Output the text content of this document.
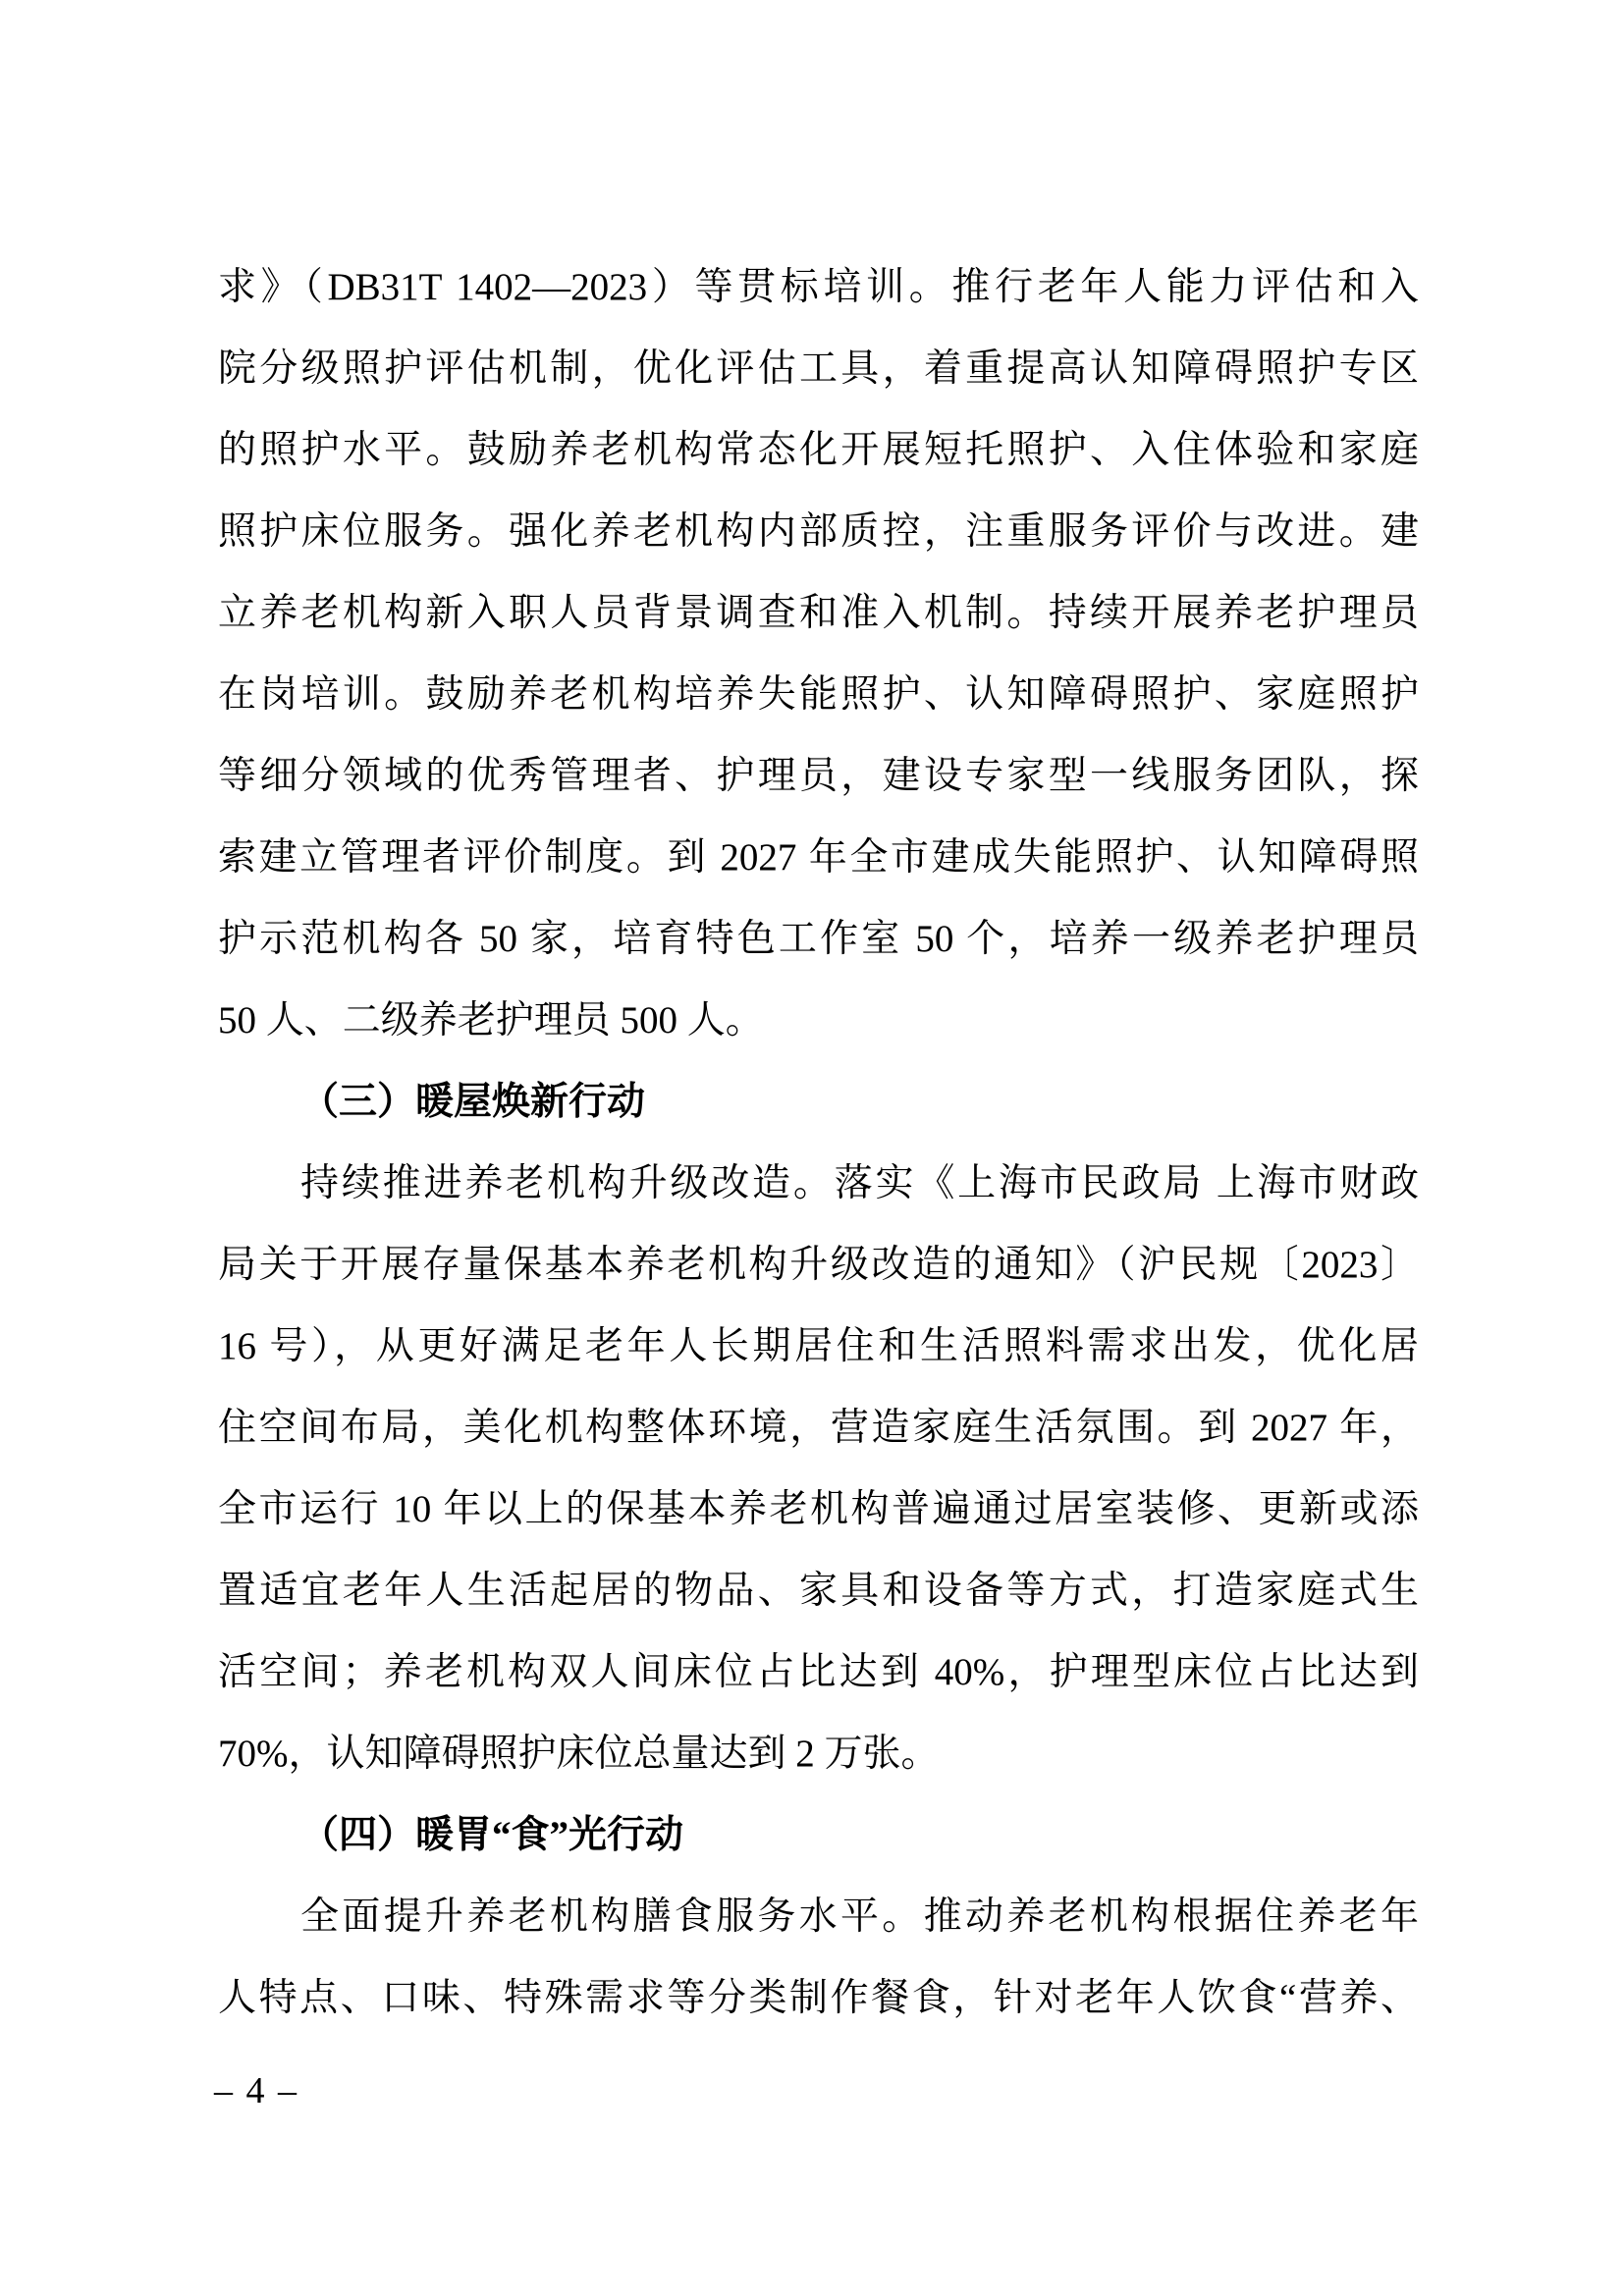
求》（DB31T 1402—2023）等贯标培训。推行老年人能力评估和入
院分级照护评估机制，优化评估工具，着重提高认知障碍照护专区
的照护水平。鼓励养老机构常态化开展短托照护、入住体验和家庭
照护床位服务。强化养老机构内部质控，注重服务评价与改进。建
立养老机构新入职人员背景调查和准入机制。持续开展养老护理员
在岗培训。鼓励养老机构培养失能照护、认知障碍照护、家庭照护
等细分领域的优秀管理者、护理员，建设专家型一线服务团队，探
索建立管理者评价制度。到 2027 年全市建成失能照护、认知障碍照
护示范机构各 50 家，培育特色工作室 50 个，培养一级养老护理员
50 人、二级养老护理员 500 人。
（三）暖屋焕新行动
持续推进养老机构升级改造。落实《上海市民政局 上海市财政
局关于开展存量保基本养老机构升级改造的通知》（沪民规〔2023〕
16 号），从更好满足老年人长期居住和生活照料需求出发，优化居
住空间布局，美化机构整体环境，营造家庭生活氛围。到 2027 年，
全市运行 10 年以上的保基本养老机构普遍通过居室装修、更新或添
置适宜老年人生活起居的物品、家具和设备等方式，打造家庭式生
活空间；养老机构双人间床位占比达到 40%，护理型床位占比达到
70%，认知障碍照护床位总量达到 2 万张。
（四）暖胃“食”光行动
全面提升养老机构膳食服务水平。推动养老机构根据住养老年
人特点、口味、特殊需求等分类制作餐食，针对老年人饮食“营养、
– 4 –
